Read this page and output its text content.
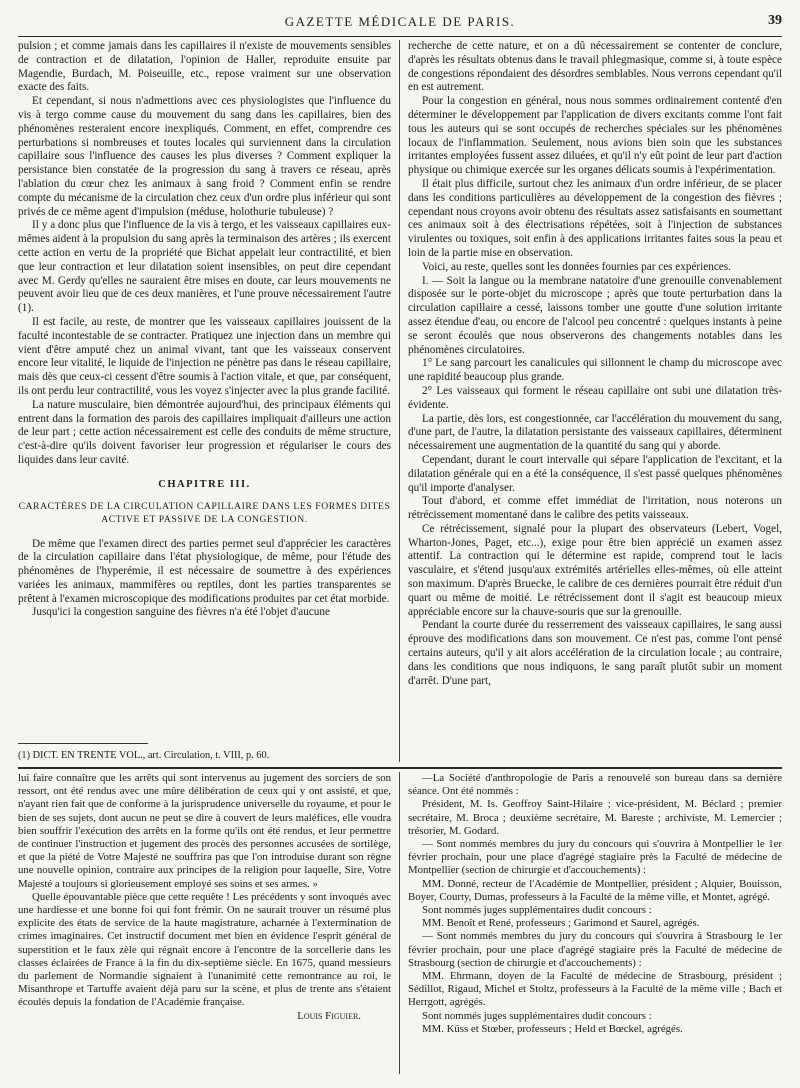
GAZETTE MÉDICALE DE PARIS.	39

pulsion ; et comme jamais dans les capillaires il n'existe de mouvements sensibles de contraction et de dilatation, l'opinion de Haller, reproduite ensuite par Magendie, Burdach, M. Poiseuille, etc., repose vraiment sur une observation exacte des faits.

Et cependant, si nous n'admettions avec ces physiologistes que l'influence du vis à tergo comme cause du mouvement du sang dans les capillaires, bien des phénomènes resteraient encore inexpliqués. Comment, en effet, comprendre ces perturbations si nombreuses et toutes locales qui surviennent dans la circulation capillaire sous l'influence des causes les plus diverses ? Comment expliquer la persistance bien constatée de la progression du sang à travers ce réseau, après l'ablation du cœur chez les animaux à sang froid ? Comment enfin se rendre compte du mécanisme de la circulation chez ceux d'un ordre plus inférieur qui sont privés de ce même agent d'impulsion (méduse, holothurie tubuleuse) ?

Il y a donc plus que l'influence de la vis à tergo, et les vaisseaux capillaires eux-mêmes aident à la propulsion du sang après la terminaison des artères ; ils exercent cette action en vertu de la propriété que Bichat appelait leur contractilité, et bien que leur contraction et leur dilatation soient insensibles, on peut dire cependant avec M. Gerdy qu'elles ne sauraient être mises en doute, car leurs mouvements ne peuvent avoir lieu que de ces deux manières, et l'une prouve nécessairement l'autre (1).

Il est facile, au reste, de montrer que les vaisseaux capillaires jouissent de la faculté incontestable de se contracter. Pratiquez une injection dans un membre qui vient d'être amputé chez un animal vivant, tant que les vaisseaux conservent encore leur vitalité, le liquide de l'injection ne pénètre pas dans le réseau capillaire, mais dès que ceux-ci cessent d'être soumis à l'action vitale, et que, par conséquent, ils ont perdu leur contractilité, vous les voyez s'injecter avec la plus grande facilité.

La nature musculaire, bien démontrée aujourd'hui, des principaux éléments qui entrent dans la formation des parois des capillaires impliquait d'ailleurs une action de leur part ; cette action nécessairement est celle des conduits de même structure, c'est-à-dire qu'ils doivent favoriser leur progression et régulariser le cours des liquides dans leur cavité.

CHAPITRE III.
CARACTÈRES DE LA CIRCULATION CAPILLAIRE DANS LES FORMES DITES ACTIVE ET PASSIVE DE LA CONGESTION.

De même que l'examen direct des parties permet seul d'apprécier les caractères de la circulation capillaire dans l'état physiologique, de même, pour l'étude des phénomènes de l'hyperémie, il est nécessaire de soumettre à des expériences variées les animaux, mammifères ou reptiles, dont les parties transparentes se prêtent à l'examen microscopique des modifications produites par cet état morbide.

Jusqu'ici la congestion sanguine des fièvres n'a été l'objet d'aucune

recherche de cette nature, et on a dû nécessairement se contenter de conclure, d'après les résultats obtenus dans le travail phlegmasique, comme si, à toute espèce de congestions répondaient des désordres semblables. Nous verrons cependant qu'il en est autrement.

Pour la congestion en général, nous nous sommes ordinairement contenté d'en déterminer le développement par l'application de divers excitants comme l'ont fait tous les auteurs qui se sont occupés de recherches spéciales sur les phénomènes locaux de l'inflammation. Seulement, nous avions bien soin que les substances irritantes employées fussent assez diluées, et qu'il n'y eût point de leur part d'action physique ou chimique exercée sur les organes délicats soumis à l'expérimentation.

Il était plus difficile, surtout chez les animaux d'un ordre inférieur, de se placer dans les conditions particulières au développement de la congestion des fièvres ; cependant nous croyons avoir obtenu des résultats assez satisfaisants en soumettant ces animaux soit à des électrisations répétées, soit à l'injection de substances virulentes ou toxiques, soit enfin à des applications irritantes faites sous la peau et loin de la partie mise en observation.

Voici, au reste, quelles sont les données fournies par ces expériences.

I. — Soit la langue ou la membrane natatoire d'une grenouille convenablement disposée sur le porte-objet du microscope ; après que toute perturbation dans la circulation capillaire a cessé, laissons tomber une goutte d'une solution irritante assez étendue d'eau, ou encore de l'alcool peu concentré : quelques instants à peine se seront écoulés que nous observerons des changements notables dans les phénomènes circulatoires.

1° Le sang parcourt les canalicules qui sillonnent le champ du microscope avec une rapidité beaucoup plus grande.

2° Les vaisseaux qui forment le réseau capillaire ont subi une dilatation très-évidente.

La partie, dès lors, est congestionnée, car l'accélération du mouvement du sang, d'une part, de l'autre, la dilatation persistante des vaisseaux capillaires, déterminent nécessairement une augmentation de la quantité du sang qui y aborde.

Cependant, durant le court intervalle qui sépare l'application de l'excitant, et la dilatation générale qui en a été la conséquence, il s'est passé quelques phénomènes qu'il importe d'analyser.

Tout d'abord, et comme effet immédiat de l'irritation, nous noterons un rétrécissement momentané dans le calibre des petits vaisseaux.

Ce rétrécissement, signalé pour la plupart des observateurs (Lebert, Vogel, Wharton-Jones, Paget, etc...), exige pour être bien apprécié un examen assez attentif. La contraction qui le détermine est rapide, comprend tout le lacis vasculaire, et s'étend jusqu'aux extrémités artérielles elles-mêmes, où elle atteint son maximum. D'après Bruecke, le calibre de ces dernières pourrait être réduit d'un quart ou même de moitié. Le rétrécissement dont il s'agit est beaucoup mieux appréciable encore sur la chauve-souris que sur la grenouille.

Pendant la courte durée du resserrement des vaisseaux capillaires, le sang aussi éprouve des modifications dans son mouvement. Ce n'est pas, comme l'ont pensé certains auteurs, qu'il y ait alors accélération de la circulation locale ; au contraire, dans les conditions que nous indiquons, le sang paraît plutôt subir un moment d'arrêt. D'une part,

(1) DICT. EN TRENTE VOL., art. Circulation, t. VIII, p. 60.

lui faire connaître que les arrêts qui sont intervenus au jugement des sorciers de son ressort, ont été rendus avec une mûre délibération de ceux qui y ont assisté, et que, n'ayant rien fait que de conforme à la jurisprudence universelle du royaume, et pour le bien de ses sujets, dont aucun ne peut se dire à couvert de leurs maléfices, elle voudra bien souffrir l'exécution des arrêts en la forme qu'ils ont été rendus, et leur permettre de continuer l'instruction et jugement des procès des personnes accusées de sortilège, et que la piété de Votre Majesté ne souffrira pas que l'on introduise durant son règne une nouvelle opinion, contraire aux principes de la religion pour laquelle, Sire, Votre Majesté a toujours si glorieusement employé ses soins et ses armes. »

Quelle épouvantable pièce que cette requête ! Les précédents y sont invoqués avec une hardiesse et une bonne foi qui font frémir. On ne saurait trouver un résumé plus explicite des états de service de la haute magistrature, acharnée à l'extermination de crimes imaginaires. Cet instructif document met bien en évidence l'esprit général de superstition et le faux zèle qui régnait encore à l'encontre de la sorcellerie dans les classes éclairées de France à la fin du dix-septième siècle. En 1675, quand messieurs du parlement de Normandie signaient à l'unanimité cette remontrance au roi, le Misanthrope et Tartuffe avaient déjà paru sur la scène, et plus de trente ans s'étaient écoulés depuis la fondation de l'Académie française.

Louis Figuier.

—La Société d'anthropologie de Paris a renouvelé son bureau dans sa dernière séance. Ont été nommés :

Président, M. Is. Geoffroy Saint-Hilaire ; vice-président, M. Béclard ; premier secrétaire, M. Broca ; deuxième secrétaire, M. Bareste ; archiviste, M. Lemercier ; trésorier, M. Godard.

— Sont nommés membres du jury du concours qui s'ouvrira à Montpellier le 1er février prochain, pour une place d'agrégé stagiaire près la Faculté de médecine de Montpellier (section de chirurgie et d'accouchements) :

MM. Donné, recteur de l'Académie de Montpellier, président ; Alquier, Bouisson, Boyer, Courty, Dumas, professeurs à la Faculté de la même ville, et Montet, agrégé.

Sont nommés juges supplémentaires dudit concours :

MM. Benoît et René, professeurs ; Garimond et Saurel, agrégés.

— Sont nommés membres du jury du concours qui s'ouvrira à Strasbourg le 1er février prochain, pour une place d'agrégé stagiaire près la Faculté de médecine de Strasbourg (section de chirurgie et d'accouchements) :

MM. Ehrmann, doyen de la Faculté de médecine de Strasbourg, président ; Sédillot, Rigaud, Michel et Stoltz, professeurs à la Faculté de la même ville ; Bach et Herrgott, agrégés.

Sont nommés juges supplémentaires dudit concours :

MM. Küss et Stœber, professeurs ; Held et Bœckel, agrégés.
